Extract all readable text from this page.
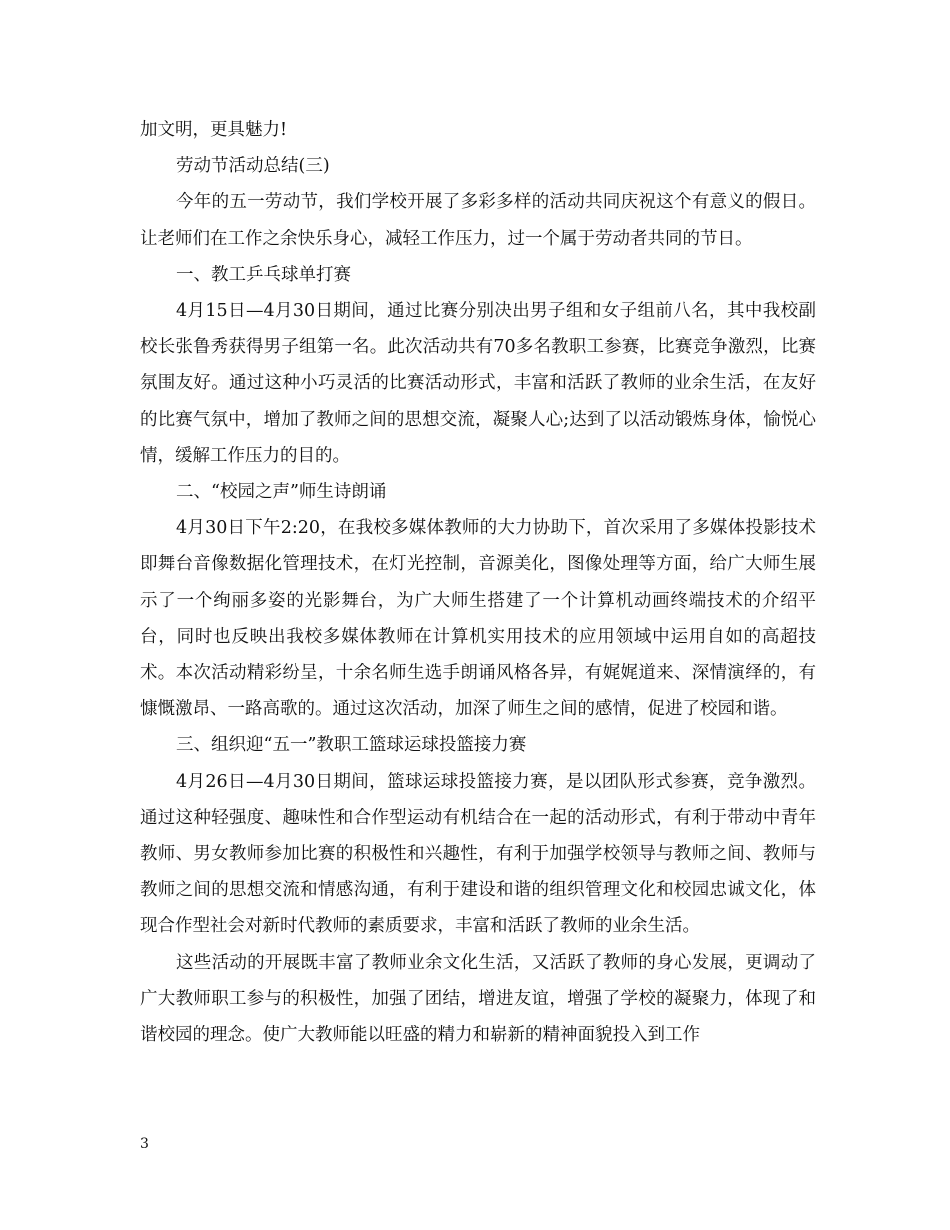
加文明，更具魅力!

劳动节活动总结(三)

今年的五一劳动节，我们学校开展了多彩多样的活动共同庆祝这个有意义的假日。让老师们在工作之余快乐身心，减轻工作压力，过一个属于劳动者共同的节日。

一、教工乒乓球单打赛

4月15日—4月30日期间，通过比赛分别决出男子组和女子组前八名，其中我校副校长张鲁秀获得男子组第一名。此次活动共有70多名教职工参赛，比赛竞争激烈，比赛氛围友好。通过这种小巧灵活的比赛活动形式，丰富和活跃了教师的业余生活，在友好的比赛气氛中，增加了教师之间的思想交流，凝聚人心;达到了以活动锻炼身体，愉悦心情，缓解工作压力的目的。

二、“校园之声”师生诗朗诵

4月30日下午2:20，在我校多媒体教师的大力协助下，首次采用了多媒体投影技术即舞台音像数据化管理技术，在灯光控制，音源美化，图像处理等方面，给广大师生展示了一个绚丽多姿的光影舞台，为广大师生搭建了一个计算机动画终端技术的介绍平台，同时也反映出我校多媒体教师在计算机实用技术的应用领域中运用自如的高超技术。本次活动精彩纷呈，十余名师生选手朗诵风格各异，有娓娓道来、深情演绎的，有慷慨激昂、一路高歌的。通过这次活动，加深了师生之间的感情，促进了校园和谐。

三、组织迎“五一”教职工篮球运球投篮接力赛

4月26日—4月30日期间，篮球运球投篮接力赛，是以团队形式参赛，竞争激烈。通过这种轻强度、趣味性和合作型运动有机结合在一起的活动形式，有利于带动中青年教师、男女教师参加比赛的积极性和兴趣性，有利于加强学校领导与教师之间、教师与教师之间的思想交流和情感沟通，有利于建设和谐的组织管理文化和校园忠诚文化，体现合作型社会对新时代教师的素质要求，丰富和活跃了教师的业余生活。

这些活动的开展既丰富了教师业余文化生活，又活跃了教师的身心发展，更调动了广大教师职工参与的积极性，加强了团结，增进友谊，增强了学校的凝聚力，体现了和谐校园的理念。使广大教师能以旺盛的精力和崭新的精神面貌投入到工作

3
